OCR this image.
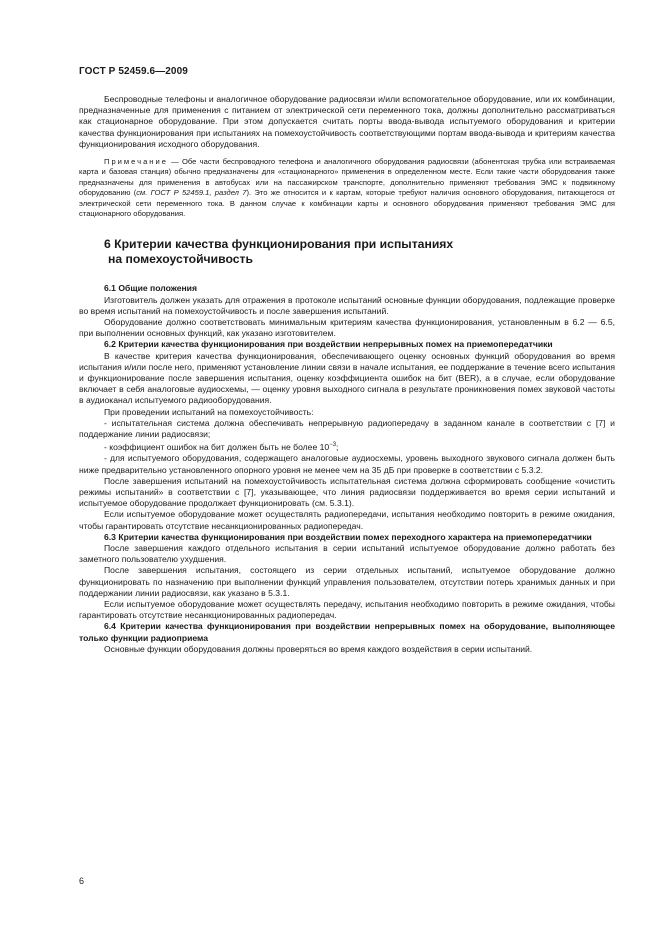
ГОСТ Р 52459.6—2009

Беспроводные телефоны и аналогичное оборудование радиосвязи и/или вспомогательное оборудование, или их комбинации, предназначенные для применения с питанием от электрической сети переменного тока, должны дополнительно рассматриваться как стационарное оборудование. При этом допускается считать порты ввода-вывода испытуемого оборудования и критерии качества функционирования при испытаниях на помехоустойчивость соответствующими портам ввода-вывода и критериям качества функционирования исходного оборудования.

Примечание — Обе части беспроводного телефона и аналогичного оборудования радиосвязи (абонентская трубка или встраиваемая карта и базовая станция) обычно предназначены для «стационарного» применения в определенном месте. Если такие части оборудования также предназначены для применения в автобусах или на пассажирском транспорте, дополнительно применяют требования ЭМС к подвижному оборудованию (см. ГОСТ Р 52459.1, раздел 7). Это же относится и к картам, которые требуют наличия основного оборудования, питающегося от электрической сети переменного тока. В данном случае к комбинации карты и основного оборудования применяют требования ЭМС для стационарного оборудования.

6 Критерии качества функционирования при испытаниях
на помехоустойчивость

6.1 Общие положения

Изготовитель должен указать для отражения в протоколе испытаний основные функции оборудования, подлежащие проверке во время испытаний на помехоустойчивость и после завершения испытаний.

Оборудование должно соответствовать минимальным критериям качества функционирования, установленным в 6.2 — 6.5, при выполнении основных функций, как указано изготовителем.

6.2 Критерии качества функционирования при воздействии непрерывных помех на приемопередатчики

В качестве критерия качества функционирования, обеспечивающего оценку основных функций оборудования во время испытания и/или после него, применяют установление линии связи в начале испытания, ее поддержание в течение всего испытания и функционирование после завершения испытания, оценку коэффициента ошибок на бит (BER), а в случае, если оборудование включает в себя аналоговые аудиосхемы, — оценку уровня выходного сигнала в результате проникновения помех звуковой частоты в аудиоканал испытуемого радиооборудования.

При проведении испытаний на помехоустойчивость:

- испытательная система должна обеспечивать непрерывную радиопередачу в заданном канале в соответствии с [7] и поддержание линии радиосвязи;

- коэффициент ошибок на бит должен быть не более $10^{-3}$;

- для испытуемого оборудования, содержащего аналоговые аудиосхемы, уровень выходного звукового сигнала должен быть ниже предварительно установленного опорного уровня не менее чем на 35 дБ при проверке в соответствии с 5.3.2.

После завершения испытаний на помехоустойчивость испытательная система должна сформировать сообщение «очистить режимы испытаний» в соответствии с [7], указывающее, что линия радиосвязи поддерживается во время серии испытаний и испытуемое оборудование продолжает функционировать (см. 5.3.1).

Если испытуемое оборудование может осуществлять радиопередачи, испытания необходимо повторить в режиме ожидания, чтобы гарантировать отсутствие несанкционированных радиопередач.

6.3 Критерии качества функционирования при воздействии помех переходного характера на приемопередатчики

После завершения каждого отдельного испытания в серии испытаний испытуемое оборудование должно работать без заметного пользователю ухудшения.

После завершения испытания, состоящего из серии отдельных испытаний, испытуемое оборудование должно функционировать по назначению при выполнении функций управления пользователем, отсутствии потерь хранимых данных и при поддержании линии радиосвязи, как указано в 5.3.1.

Если испытуемое оборудование может осуществлять передачу, испытания необходимо повторить в режиме ожидания, чтобы гарантировать отсутствие несанкционированных радиопередач.

6.4 Критерии качества функционирования при воздействии непрерывных помех на оборудование, выполняющее только функции радиоприема

Основные функции оборудования должны проверяться во время каждого воздействия в серии испытаний.

6
